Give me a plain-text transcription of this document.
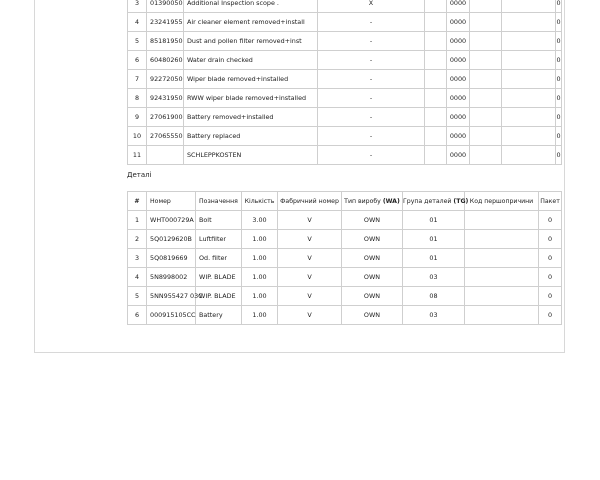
3	01390050	Additional Inspection scope .	X		0000			0
4	23241955	Air cleaner element removed+install	-		0000			0
5	85181950	Dust and pollen filter removed+inst	-		0000			0
6	60480260	Water drain checked	-		0000			0
7	92272050	Wiper blade removed+installed	-		0000			0
8	92431950	RWW wiper blade removed+installed	-		0000			0
9	27061900	Battery removed+installed	-		0000			0
10	27065550	Battery replaced	-		0000			0
11		SCHLEPPKOSTEN	-		0000			0
Деталі
#	Номер	Позначення	Кількість	Фабричний номер	Тип виробу (WA)	Група деталей (TG)	Код першопричини	Пакет
1	WHT000729A	Bolt	3.00	V	OWN	01		0
2	5Q0129620B	Luftfilter	1.00	V	OWN	01		0
3	5Q0819669	Od. filter	1.00	V	OWN	01		0
4	5N8998002	WIP. BLADE	1.00	V	OWN	03		0
5	5NN955427 03C	WIP. BLADE	1.00	V	OWN	08		0
6	000915105CC	Battery	1.00	V	OWN	03		0
